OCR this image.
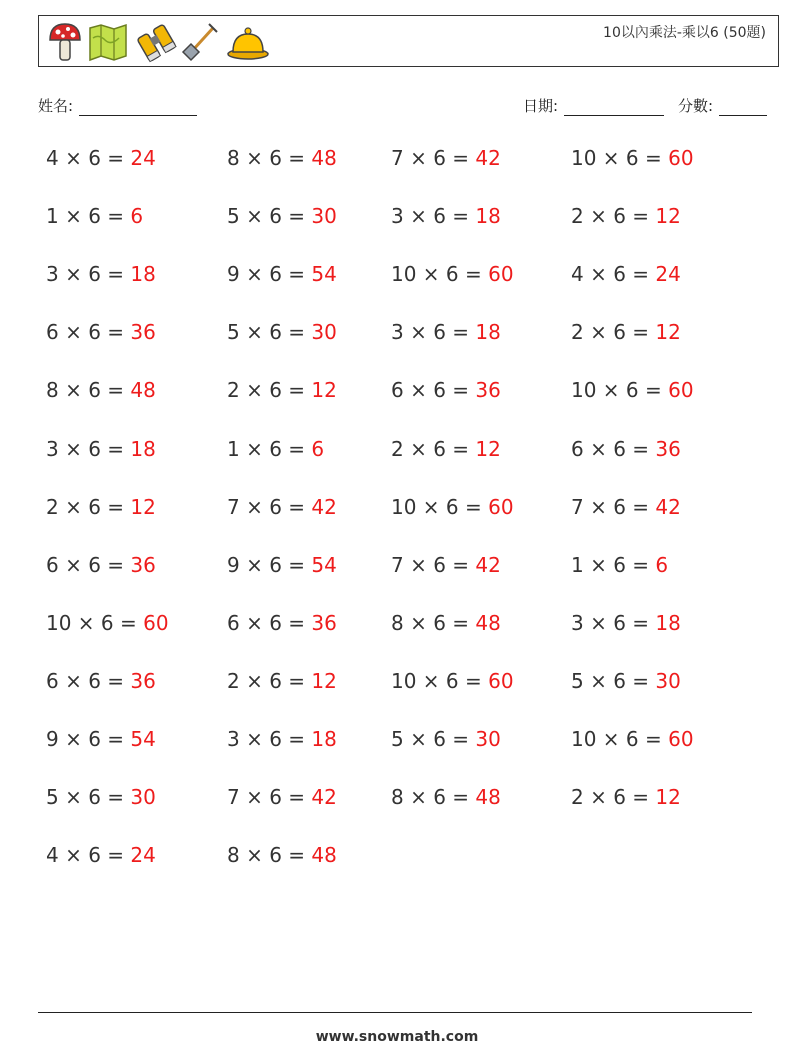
10以內乘法-乘以6 (50題)
姓名:	日期:	分數:
4 × 6 = 24
1 × 6 = 6
3 × 6 = 18
6 × 6 = 36
8 × 6 = 48
3 × 6 = 18
2 × 6 = 12
6 × 6 = 36
10 × 6 = 60
6 × 6 = 36
9 × 6 = 54
5 × 6 = 30
4 × 6 = 24
8 × 6 = 48
5 × 6 = 30
9 × 6 = 54
5 × 6 = 30
2 × 6 = 12
1 × 6 = 6
7 × 6 = 42
9 × 6 = 54
6 × 6 = 36
2 × 6 = 12
3 × 6 = 18
7 × 6 = 42
8 × 6 = 48
7 × 6 = 42
3 × 6 = 18
10 × 6 = 60
3 × 6 = 18
6 × 6 = 36
2 × 6 = 12
10 × 6 = 60
7 × 6 = 42
8 × 6 = 48
10 × 6 = 60
5 × 6 = 30
8 × 6 = 48
10 × 6 = 60
2 × 6 = 12
4 × 6 = 24
2 × 6 = 12
10 × 6 = 60
6 × 6 = 36
7 × 6 = 42
1 × 6 = 6
3 × 6 = 18
5 × 6 = 30
10 × 6 = 60
2 × 6 = 12
www.snowmath.com
